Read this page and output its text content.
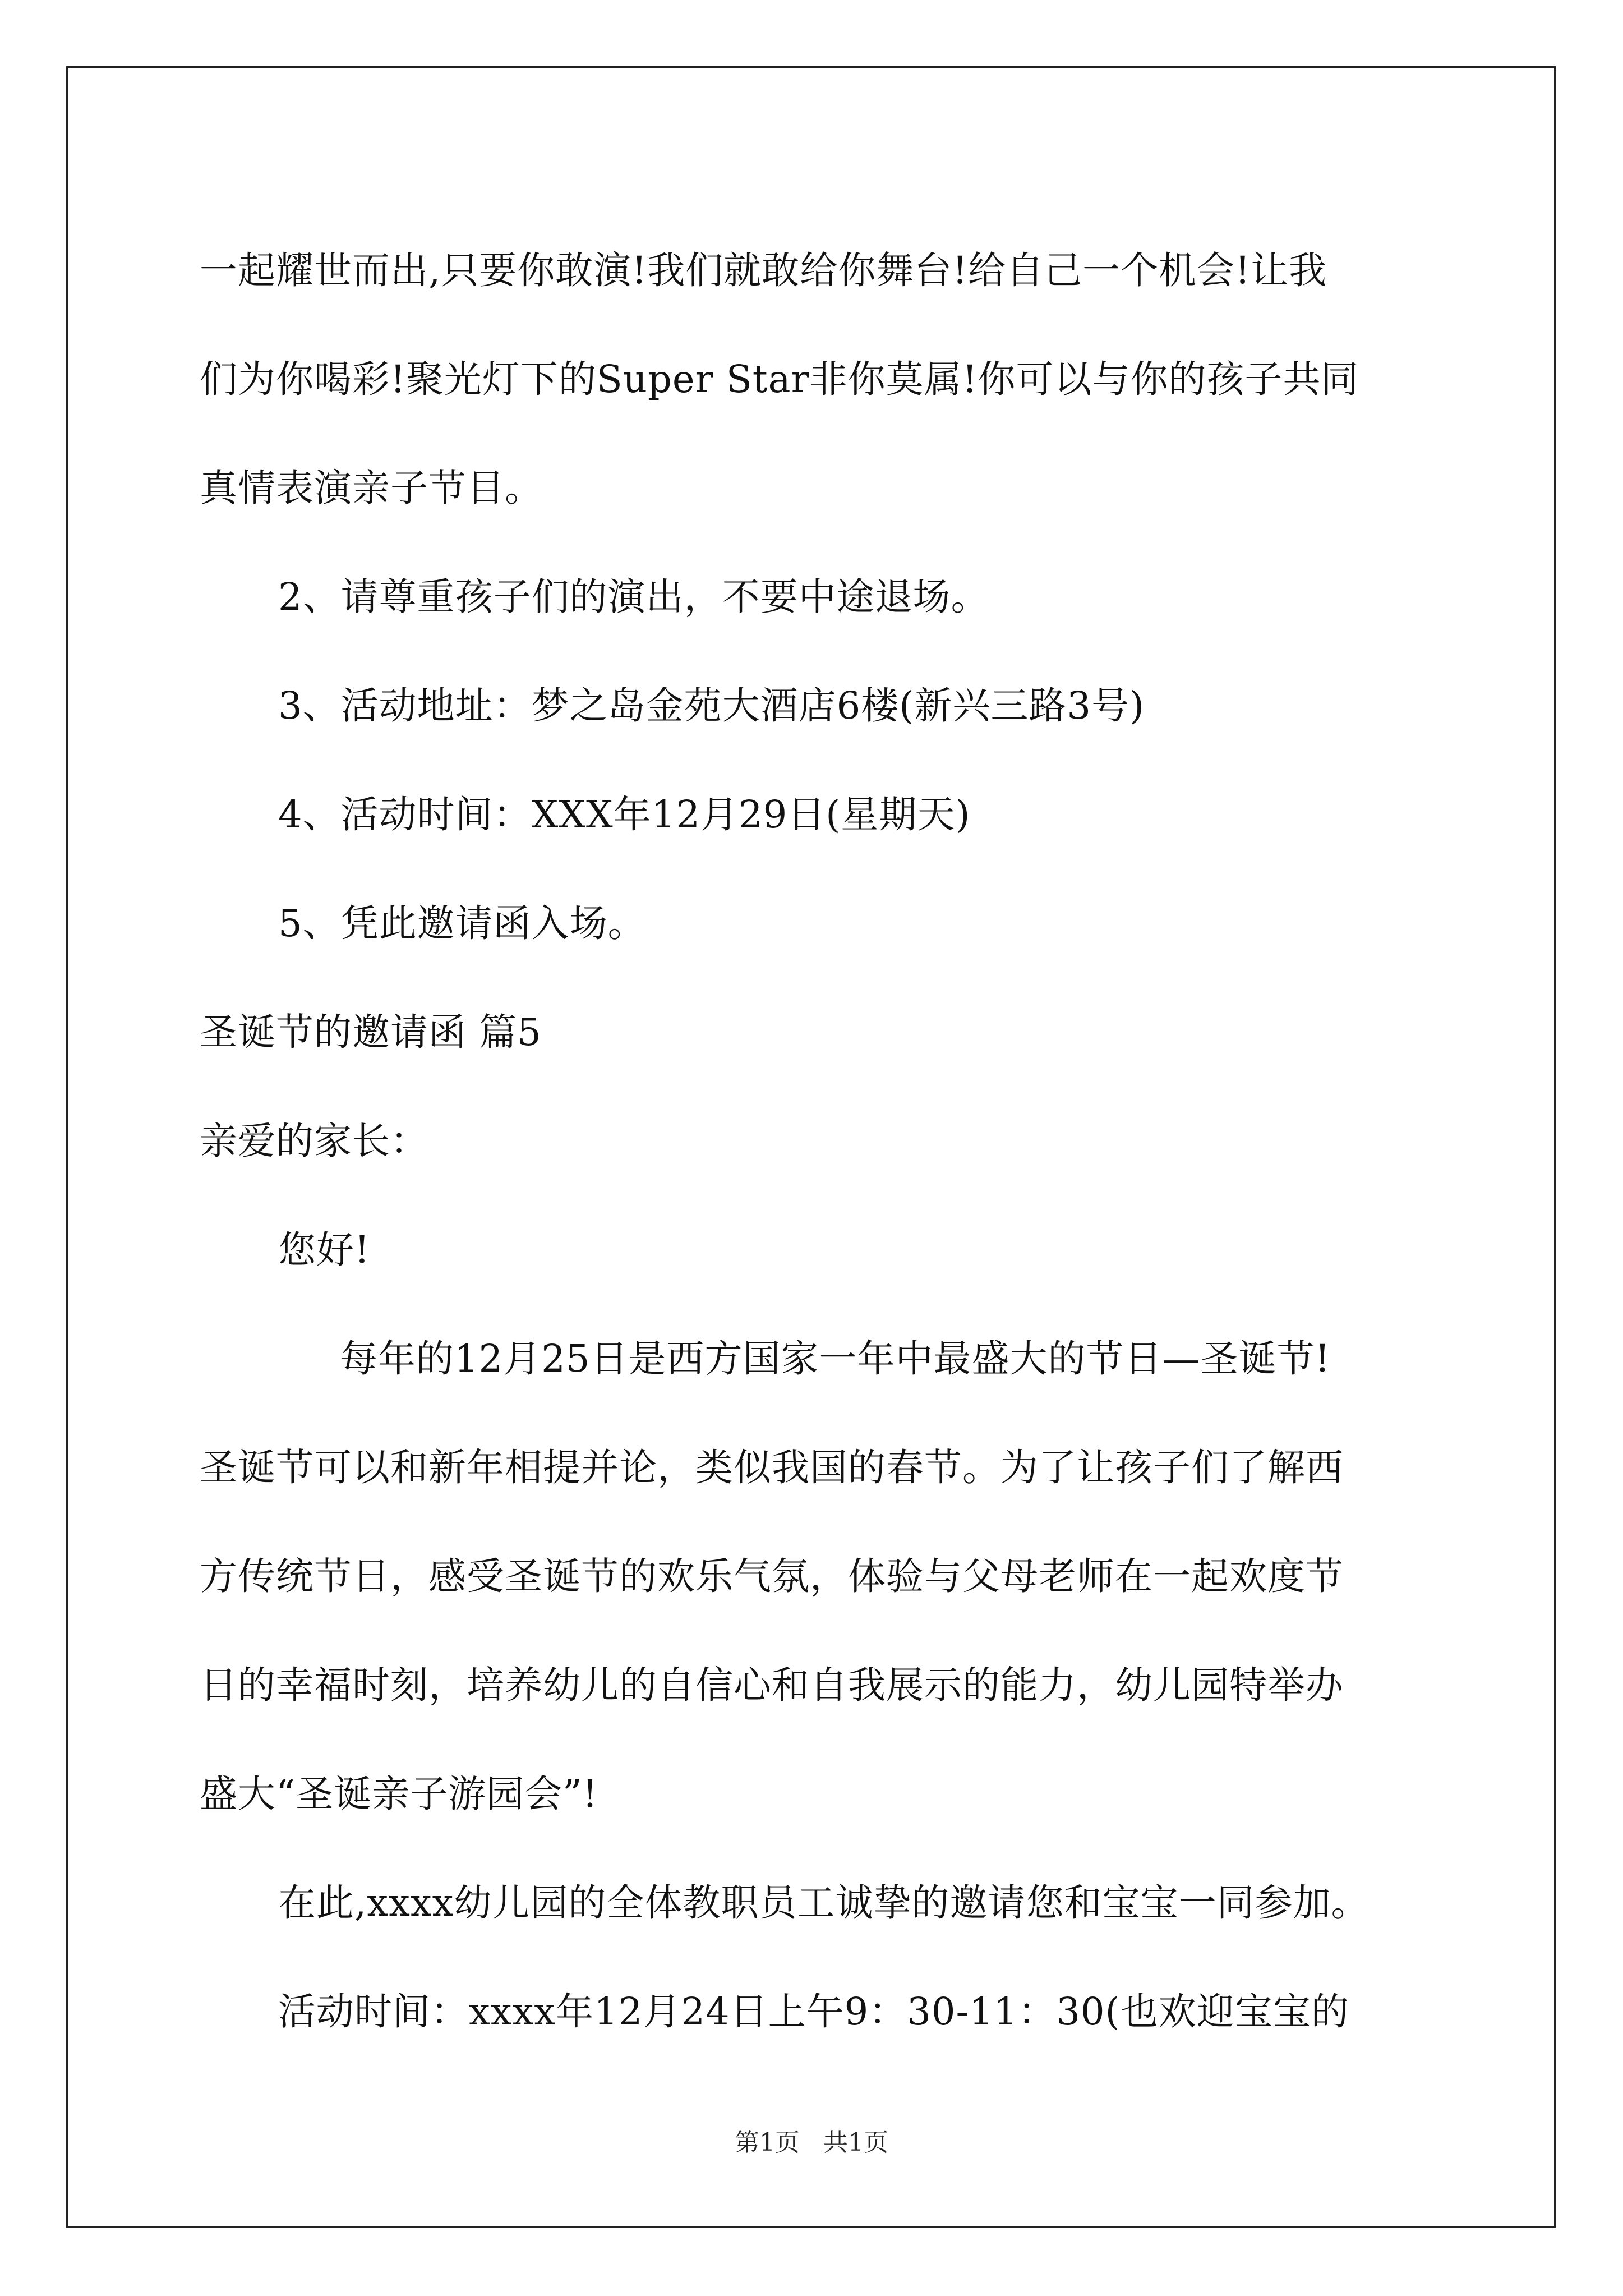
一起耀世而出,只要你敢演!我们就敢给你舞台!给自己一个机会!让我
们为你喝彩!聚光灯下的Super Star非你莫属!你可以与你的孩子共同
真情表演亲子节目。
2、请尊重孩子们的演出，不要中途退场。
3、活动地址：梦之岛金苑大酒店6楼(新兴三路3号)
4、活动时间：XXX年12月29日(星期天)
5、凭此邀请函入场。
圣诞节的邀请函 篇5
亲爱的家长：
您好!
每年的12月25日是西方国家一年中最盛大的节日—圣诞节!
圣诞节可以和新年相提并论，类似我国的春节。为了让孩子们了解西
方传统节日，感受圣诞节的欢乐气氛，体验与父母老师在一起欢度节
日的幸福时刻，培养幼儿的自信心和自我展示的能力，幼儿园特举办
盛大“圣诞亲子游园会”!
在此,xxxx幼儿园的全体教职员工诚挚的邀请您和宝宝一同参加。
活动时间：xxxx年12月24日上午9：30-11：30(也欢迎宝宝的
第1页 共1页
